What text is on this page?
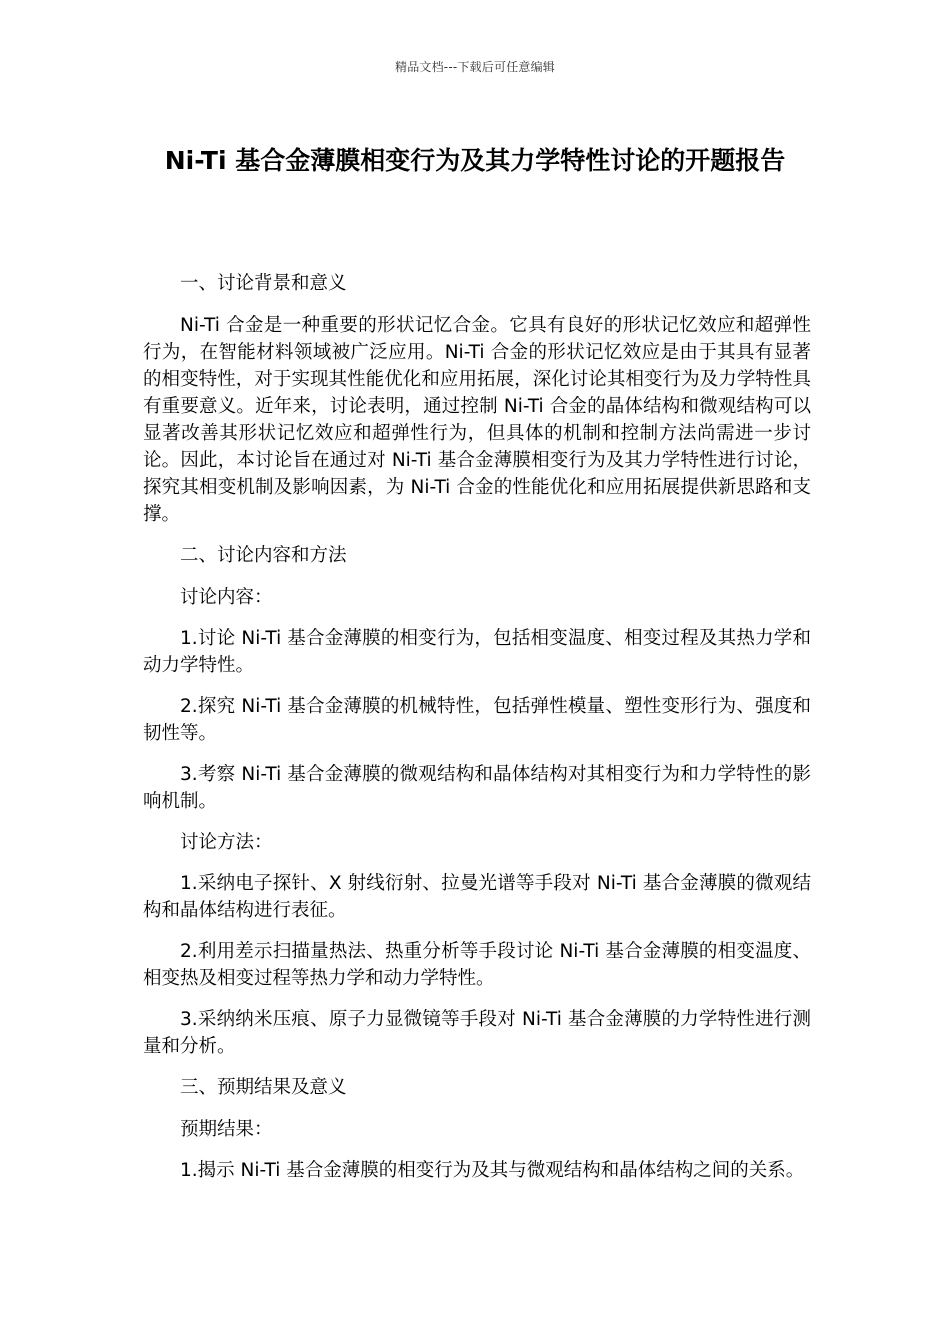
精品文档---下载后可任意编辑
Ni-Ti 基合金薄膜相变行为及其力学特性讨论的开题报告

一、讨论背景和意义

Ni-Ti 合金是一种重要的形状记忆合金。它具有良好的形状记忆效应和超弹性行为，在智能材料领域被广泛应用。Ni-Ti 合金的形状记忆效应是由于其具有显著的相变特性，对于实现其性能优化和应用拓展，深化讨论其相变行为及力学特性具有重要意义。近年来，讨论表明，通过控制 Ni-Ti 合金的晶体结构和微观结构可以显著改善其形状记忆效应和超弹性行为，但具体的机制和控制方法尚需进一步讨论。因此，本讨论旨在通过对 Ni-Ti 基合金薄膜相变行为及其力学特性进行讨论，探究其相变机制及影响因素，为 Ni-Ti 合金的性能优化和应用拓展提供新思路和支撑。

二、讨论内容和方法

讨论内容：

1.讨论 Ni-Ti 基合金薄膜的相变行为，包括相变温度、相变过程及其热力学和动力学特性。

2.探究 Ni-Ti 基合金薄膜的机械特性，包括弹性模量、塑性变形行为、强度和韧性等。

3.考察 Ni-Ti 基合金薄膜的微观结构和晶体结构对其相变行为和力学特性的影响机制。

讨论方法：

1.采纳电子探针、X 射线衍射、拉曼光谱等手段对 Ni-Ti 基合金薄膜的微观结构和晶体结构进行表征。

2.利用差示扫描量热法、热重分析等手段讨论 Ni-Ti 基合金薄膜的相变温度、相变热及相变过程等热力学和动力学特性。

3.采纳纳米压痕、原子力显微镜等手段对 Ni-Ti 基合金薄膜的力学特性进行测量和分析。

三、预期结果及意义

预期结果：

1.揭示 Ni-Ti 基合金薄膜的相变行为及其与微观结构和晶体结构之间的关系。
